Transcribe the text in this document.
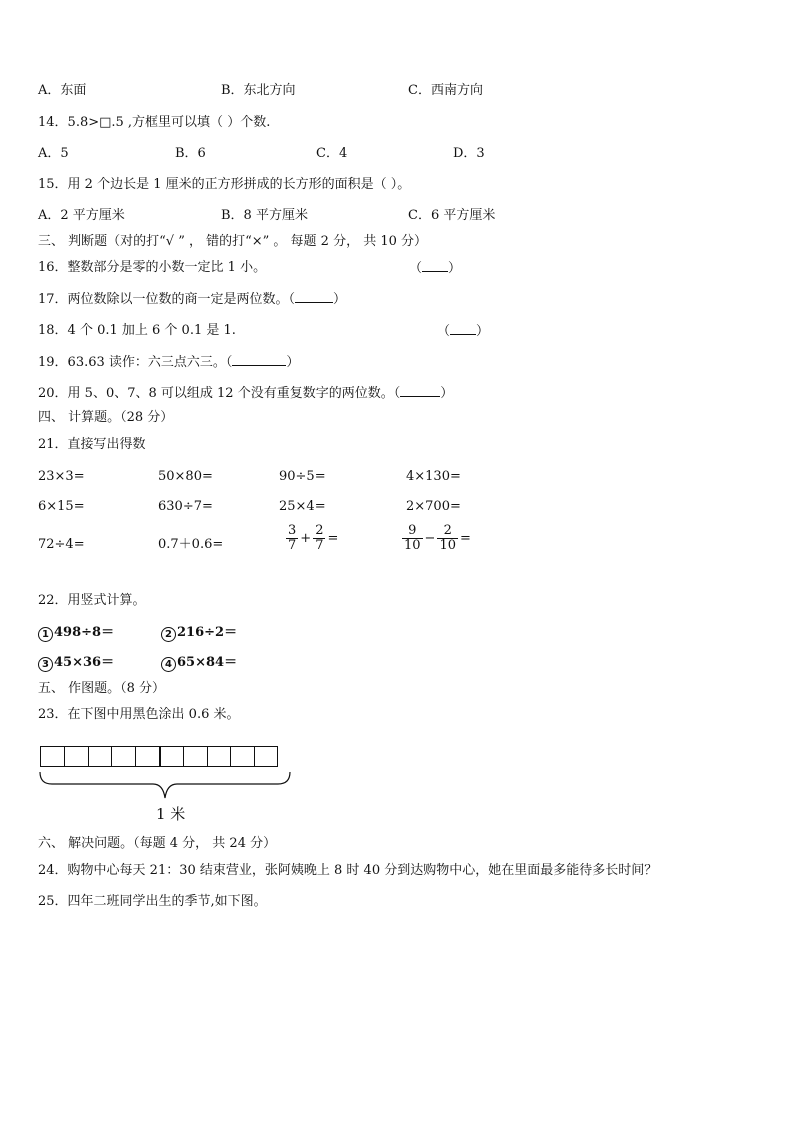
A．东面	B．东北方向	C．西南方向
14．5.8>□.5 ,方框里可以填（ ）个数.
A．5	B．6	C．4	D．3
15．用 2 个边长是 1 厘米的正方形拼成的长方形的面积是（ ）。
A．2 平方厘米	B．8 平方厘米	C．6 平方厘米
三、 判断题（对的打“√ ” ， 错的打“×” 。 每题 2 分， 共 10 分）
16．整数部分是零的小数一定比 1 小。	（ ）
17．两位数除以一位数的商一定是两位数。（	）
18．4 个 0.1 加上 6 个 0.1 是 1.	（ ）
19．63.63 读作：六三点六三。（	）
20．用 5、0、7、8 可以组成 12 个没有重复数字的两位数。（	）
四、 计算题。（28 分）
21．直接写出得数
23×3=	50×80=	90÷5=	4×130=
6×15=	630÷7=	25×4=	2×700=
72÷4=	0.7＋0.6=	$\frac{3}{7} + \frac{2}{7}$ =	$\frac{9}{10} - \frac{2}{10}$ =
22．用竖式计算。
1 498÷8＝	2 216÷2＝
3 45×36＝	4 65×84＝
五、 作图题。（8 分）
23．在下图中用黑色涂出 0.6 米。
1 米
六、 解决问题。（每题 4 分， 共 24 分）
24．购物中心每天 21：30 结束营业，张阿姨晚上 8 时 40 分到达购物中心，她在里面最多能待多长时间？
25．四年二班同学出生的季节,如下图。
